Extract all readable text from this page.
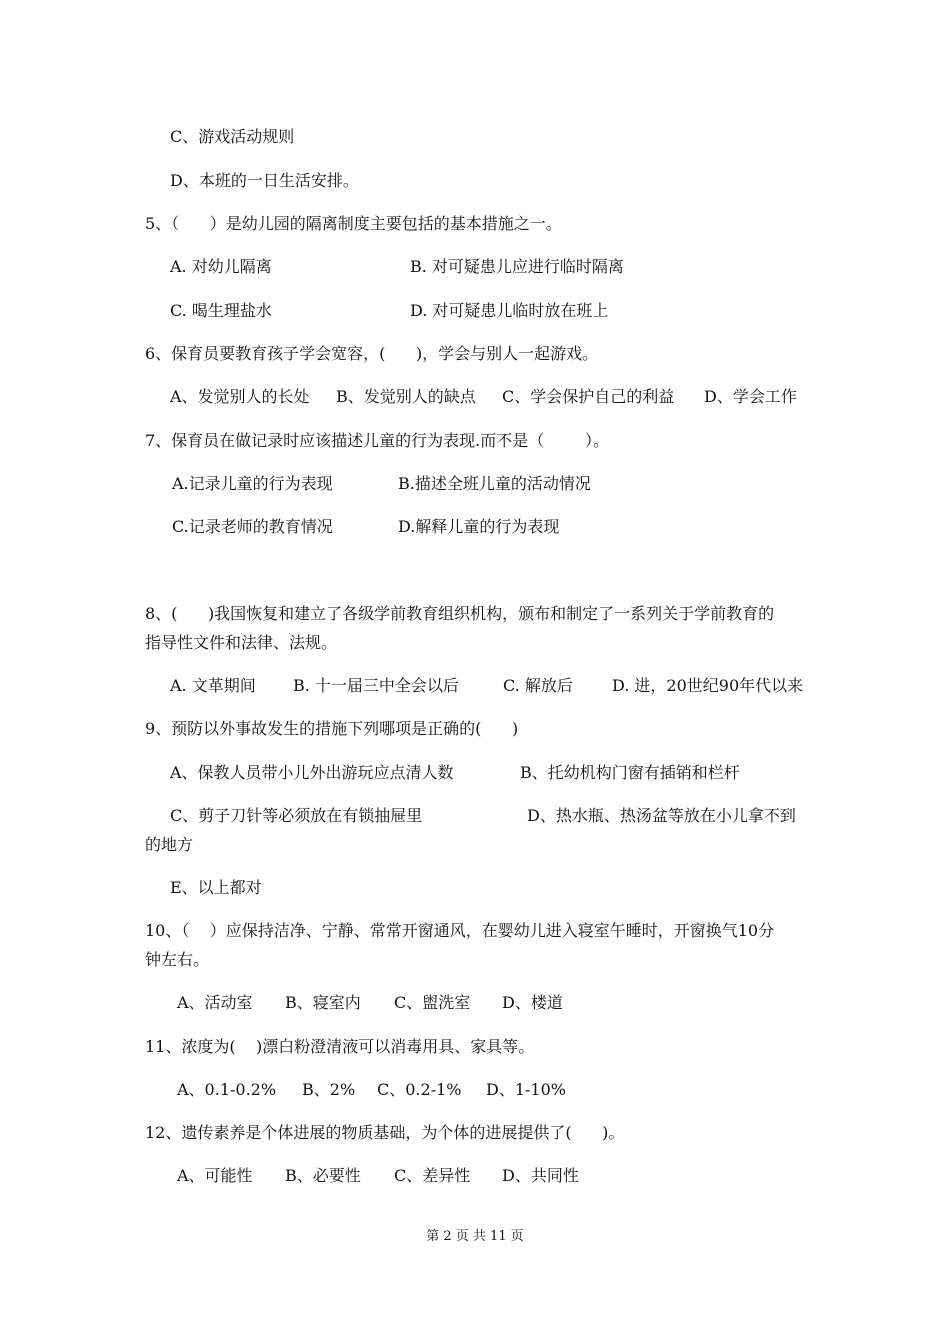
C、游戏活动规则
D、本班的一日生活安排。
5、（      ）是幼儿园的隔离制度主要包括的基本措施之一。
A. 对幼儿隔离	B. 对可疑患儿应进行临时隔离
C. 喝生理盐水	D. 对可疑患儿临时放在班上
6、保育员要教育孩子学会宽容，(      )，学会与别人一起游戏。
A、发觉别人的长处 B、发觉别人的缺点 C、学会保护自己的利益 D、学会工作
7、保育员在做记录时应该描述儿童的行为表现.而不是（        ）。
A.记录儿童的行为表现	B.描述全班儿童的活动情况
C.记录老师的教育情况	D.解释儿童的行为表现
8、(      )我国恢复和建立了各级学前教育组织机构，颁布和制定了一系列关于学前教育的
指导性文件和法律、法规。
A. 文革期间 B. 十一届三中全会以后	C. 解放后 D. 进，20世纪90年代以来
9、预防以外事故发生的措施下列哪项是正确的(      )
A、保教人员带小儿外出游玩应点清人数	B、托幼机构门窗有插销和栏杆
C、剪子刀针等必须放在有锁抽屉里	D、热水瓶、热汤盆等放在小儿拿不到
的地方
E、以上都对
10、（    ）应保持洁净、宁静、常常开窗通风，在婴幼儿进入寝室午睡时，开窗换气10分
钟左右。
A、活动室 B、寝室内 C、盥洗室 D、楼道
11、浓度为(    )漂白粉澄清液可以消毒用具、家具等。
A、0.1-0.2% B、2% C、0.2-1% D、1-10%
12、遗传素养是个体进展的物质基础，为个体的进展提供了(      )。
A、可能性 B、必要性 C、差异性 D、共同性
第 2 页 共 11 页
